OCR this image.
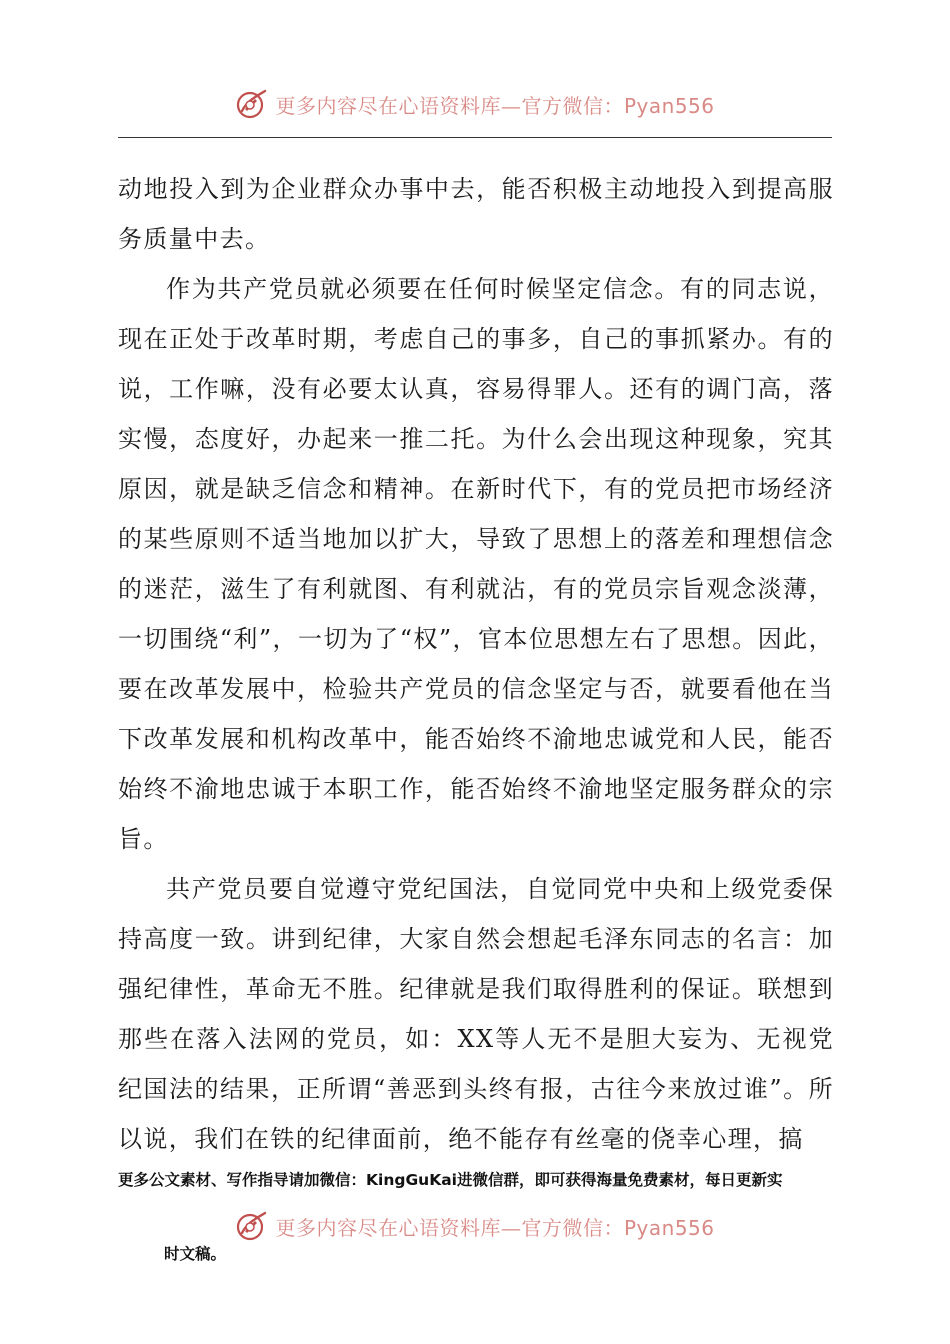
更多内容尽在心语资料库—官方微信：Pyan556

动地投入到为企业群众办事中去，能否积极主动地投入到提高服务质量中去。

作为共产党员就必须要在任何时候坚定信念。有的同志说，现在正处于改革时期，考虑自己的事多，自己的事抓紧办。有的说，工作嘛，没有必要太认真，容易得罪人。还有的调门高，落实慢，态度好，办起来一推二托。为什么会出现这种现象，究其原因，就是缺乏信念和精神。在新时代下，有的党员把市场经济的某些原则不适当地加以扩大，导致了思想上的落差和理想信念的迷茫，滋生了有利就图、有利就沾，有的党员宗旨观念淡薄，一切围绕“利”，一切为了“权”，官本位思想左右了思想。因此，要在改革发展中，检验共产党员的信念坚定与否，就要看他在当下改革发展和机构改革中，能否始终不渝地忠诚党和人民，能否始终不渝地忠诚于本职工作，能否始终不渝地坚定服务群众的宗旨。

共产党员要自觉遵守党纪国法，自觉同党中央和上级党委保持高度一致。讲到纪律，大家自然会想起毛泽东同志的名言：加强纪律性，革命无不胜。纪律就是我们取得胜利的保证。联想到那些在落入法网的党员，如：XX等人无不是胆大妄为、无视党纪国法的结果，正所谓“善恶到头终有报，古往今来放过谁”。所以说，我们在铁的纪律面前，绝不能存有丝毫的侥幸心理，搞

更多公文素材、写作指导请加微信：KingGuKai进微信群，即可获得海量免费素材，每日更新实
更多内容尽在心语资料库—官方微信：Pyan556
时文稿。
